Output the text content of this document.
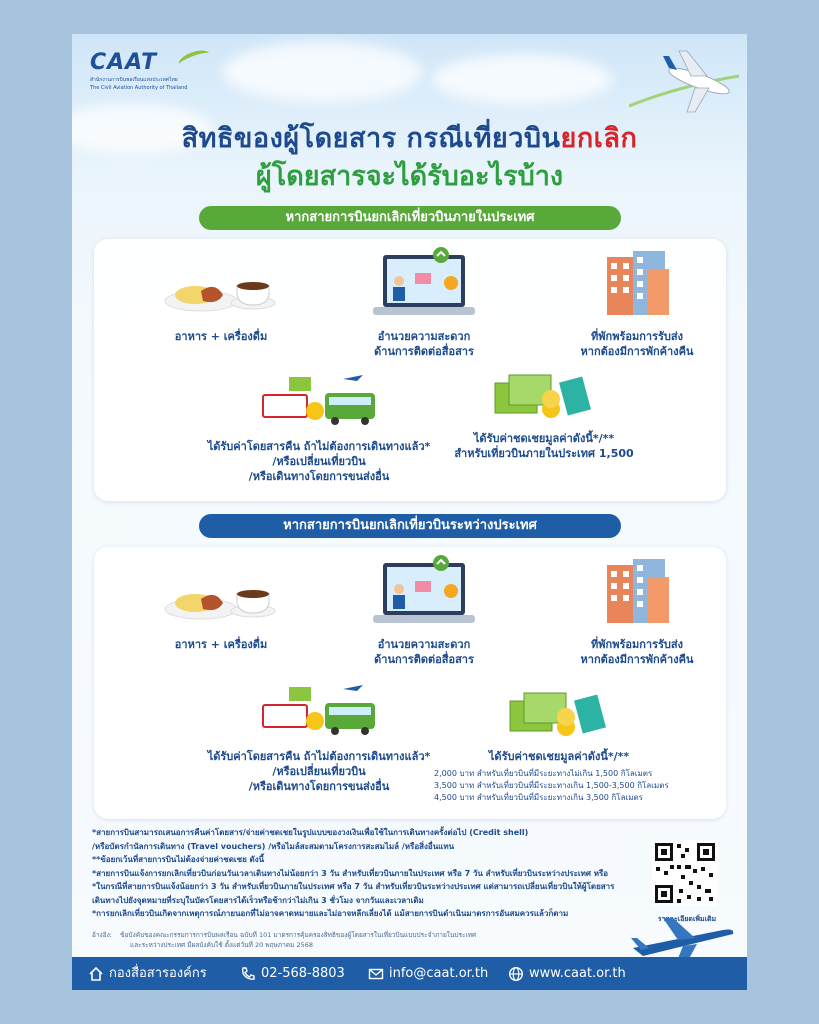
CAAT
สำนักงานการบินพลเรือนแห่งประเทศไทย
The Civil Aviation Authority of Thailand
สิทธิของผู้โดยสาร กรณีเที่ยวบินยกเลิก
ผู้โดยสารจะได้รับอะไรบ้าง
หากสายการบินยกเลิกเที่ยวบินภายในประเทศ
อาหาร + เครื่องดื่ม	อำนวยความสะดวก
ด้านการติดต่อสื่อสาร
ที่พักพร้อมการรับส่ง
หากต้องมีการพักค้างคืน
ได้รับค่าโดยสารคืน ถ้าไม่ต้องการเดินทางแล้ว*
/หรือเปลี่ยนเที่ยวบิน
/หรือเดินทางโดยการขนส่งอื่น
ได้รับค่าชดเชยมูลค่าดังนี้*/**
สำหรับเที่ยวบินภายในประเทศ 1,500
หากสายการบินยกเลิกเที่ยวบินระหว่างประเทศ
อาหาร + เครื่องดื่ม	อำนวยความสะดวก
ด้านการติดต่อสื่อสาร
ที่พักพร้อมการรับส่ง
หากต้องมีการพักค้างคืน
ได้รับค่าโดยสารคืน ถ้าไม่ต้องการเดินทางแล้ว*
/หรือเปลี่ยนเที่ยวบิน
/หรือเดินทางโดยการขนส่งอื่น
ได้รับค่าชดเชยมูลค่าดังนี้*/**
2,000 บาท สำหรับเที่ยวบินที่มีระยะทางไม่เกิน 1,500 กิโลเมตร
3,500 บาท สำหรับเที่ยวบินที่มีระยะทางเกิน 1,500-3,500 กิโลเมตร
4,500 บาท สำหรับเที่ยวบินที่มีระยะทางเกิน 3,500 กิโลเมตร
*สายการบินสามารถเสนอการคืนค่าโดยสาร/จ่ายค่าชดเชยในรูปแบบของวงเงินเพื่อใช้ในการเดินทางครั้งต่อไป (Credit shell)
/หรือบัตรกำนัลการเดินทาง (Travel vouchers) /หรือไมล์สะสมตามโครงการสะสมไมล์ /หรือสิ่งอื่นแทน
**ข้อยกเว้นที่สายการบินไม่ต้องจ่ายค่าชดเชย ดังนี้
*สายการบินแจ้งการยกเลิกเที่ยวบินก่อนวันเวลาเดินทางไม่น้อยกว่า 3 วัน สำหรับเที่ยวบินภายในประเทศ หรือ 7 วัน สำหรับเที่ยวบินระหว่างประเทศ หรือ
*ในกรณีที่สายการบินแจ้งน้อยกว่า 3 วัน สำหรับเที่ยวบินภายในประเทศ หรือ 7 วัน สำหรับเที่ยวบินระหว่างประเทศ แต่สามารถเปลี่ยนเที่ยวบินให้ผู้โดยสาร
เดินทางไปยังจุดหมายที่ระบุในบัตรโดยสารได้เร็วหรือช้ากว่าไม่เกิน 3 ชั่วโมง จากวันและเวลาเดิม
*การยกเลิกเที่ยวบินเกิดจากเหตุการณ์ภายนอกที่ไม่อาจคาดหมายและไม่อาจหลีกเลี่ยงได้ แม้สายการบินดำเนินมาตรการอันสมควรแล้วก็ตาม
รายละเอียดเพิ่มเติม
อ้างอิง: ข้อบังคับของคณะกรรมการการบินพลเรือน ฉบับที่ 101 มาตรการคุ้มครองสิทธิของผู้โดยสารในเที่ยวบินแบบประจำภายในประเทศ
และระหว่างประเทศ มีผลบังคับใช้ ตั้งแต่วันที่ 20 พฤษภาคม 2568
กองสื่อสารองค์กร	02-568-8803	info@caat.or.th	www.caat.or.th
